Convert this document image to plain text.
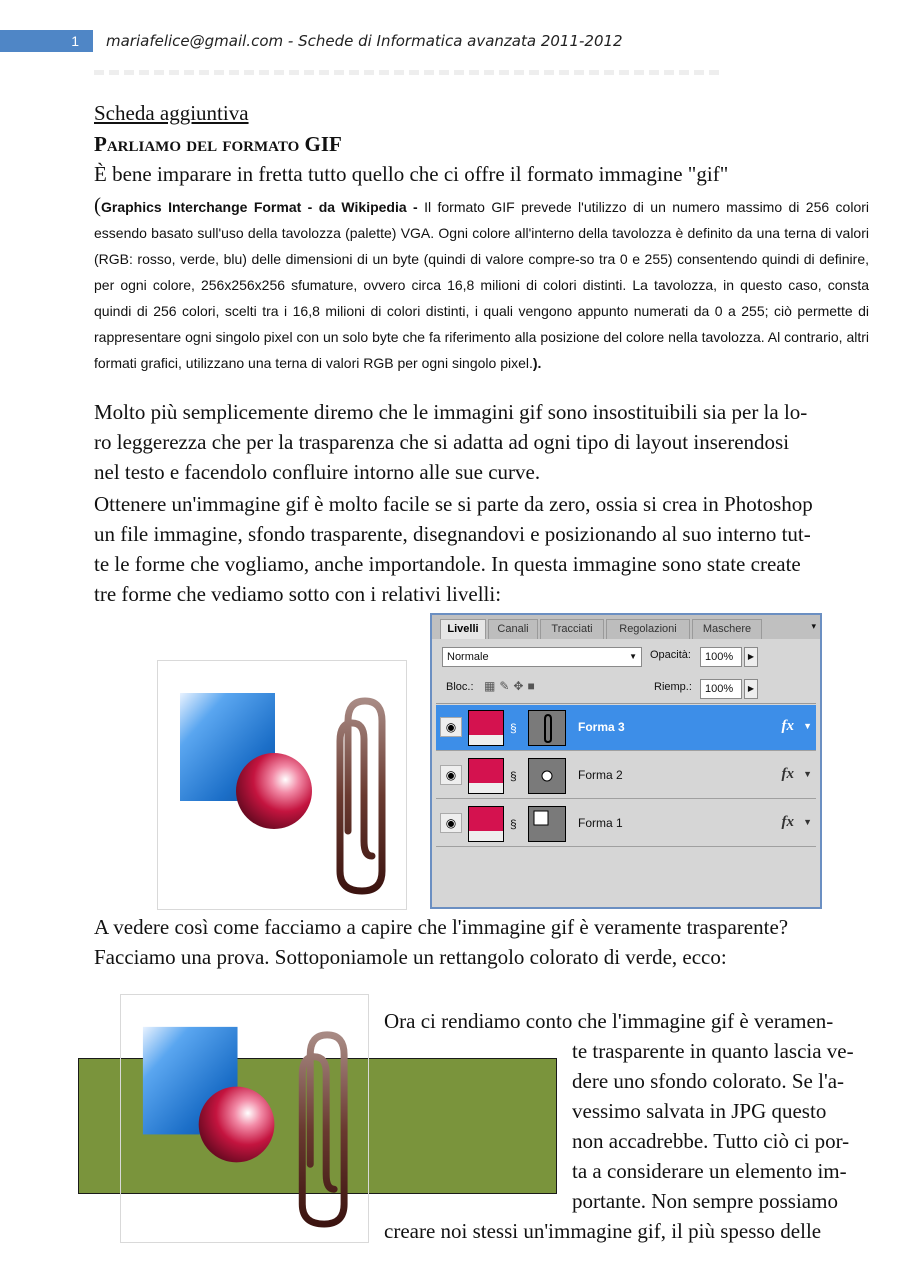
1	mariafelice@gmail.com - Schede di Informatica avanzata 2011-2012
Scheda aggiuntiva
Parliamo del formato GIF
È bene imparare in fretta tutto quello che ci offre il formato immagine "gif"
(Graphics Interchange Format - da Wikipedia - Il formato GIF prevede l'utilizzo di un numero massimo di 256 colori essendo basato sull'uso della tavolozza (palette) VGA. Ogni colore all'interno della tavolozza è definito da una terna di valori (RGB: rosso, verde, blu) delle dimensioni di un byte (quindi di valore compre-so tra 0 e 255) consentendo quindi di definire, per ogni colore, 256x256x256 sfumature, ovvero circa 16,8 milioni di colori distinti. La tavolozza, in questo caso, consta quindi di 256 colori, scelti tra i 16,8 milioni di colori distinti, i quali vengono appunto numerati da 0 a 255; ciò permette di rappresentare ogni singolo pixel con un solo byte che fa riferimento alla posizione del colore nella tavolozza. Al contrario, altri formati grafici, utilizzano una terna di valori RGB per ogni singolo pixel.).

Molto più semplicemente diremo che le immagini gif sono insostituibili sia per la lo-

ro leggerezza che per la trasparenza che si adatta ad ogni tipo di layout inserendosi

nel testo e facendolo confluire intorno alle sue curve.

Ottenere un'immagine gif è molto facile se si parte da zero, ossia si crea in Photoshop

un file immagine, sfondo trasparente, disegnandovi e posizionando al suo interno tut-

te le forme che vogliamo, anche importandole. In questa immagine sono state create

tre forme che vediamo sotto con i relativi livelli:

Livelli	Canali	Tracciati	Regolazioni	Maschere	▾
Normale	▼ Opacità:	100%	▶
Bloc.: ▦✎✥■	Riemp.:	100%	▶
◉	§	Forma 3	fx ▼
◉	§	Forma 2	fx ▼
◉	§	Forma 1	fx ▼

A vedere così come facciamo a capire che l'immagine gif è veramente trasparente?

Facciamo una prova. Sottoponiamole un rettangolo colorato di verde, ecco:

Ora ci rendiamo conto che l'immagine gif è veramen-
te trasparente in quanto lascia ve-
dere uno sfondo colorato. Se l'a-
vessimo salvata in JPG questo
non accadrebbe. Tutto ciò ci por-
ta a considerare un elemento im-
portante. Non sempre possiamo
creare noi stessi un'immagine gif, il più spesso delle
